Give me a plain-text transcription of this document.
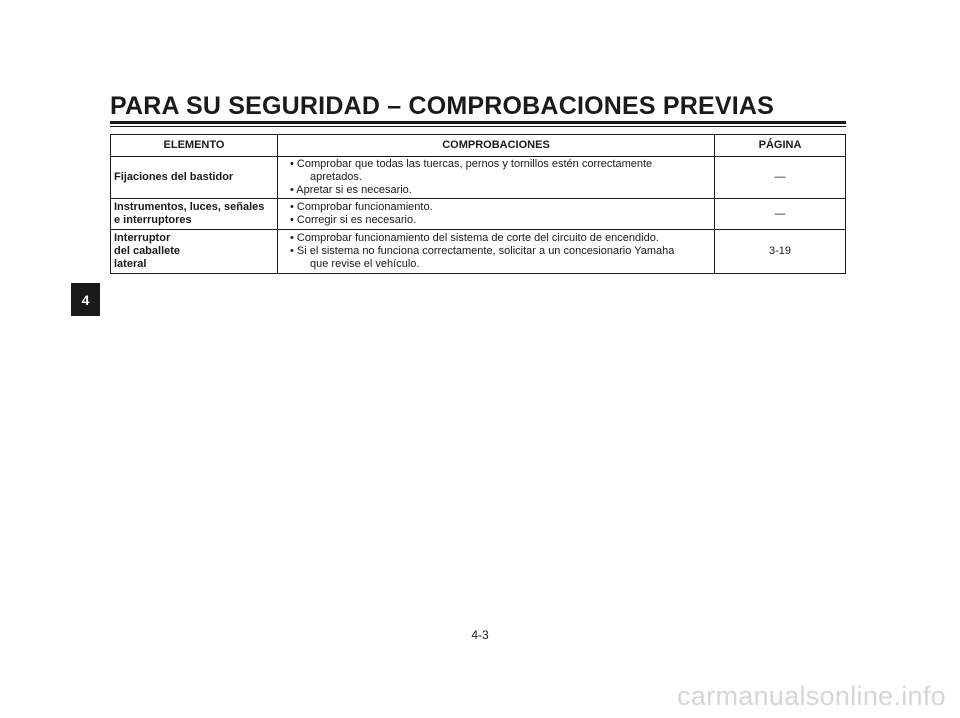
PARA SU SEGURIDAD – COMPROBACIONES PREVIAS
ELEMENTO	COMPROBACIONES	PÁGINA

Fijaciones del bastidor	• Comprobar que todas las tuercas, pernos y tornillos estén correctamente
apretados.
• Apretar si es necesario.	—

Instrumentos, luces, señales
e interruptores	• Comprobar funcionamiento.
• Corregir si es necesario.	—

Interruptor
del caballete
lateral	• Comprobar funcionamiento del sistema de corte del circuito de encendido.
• Si el sistema no funciona correctamente, solicitar a un concesionario Yamaha
que revise el vehículo.	3-19
4
4-3
carmanualsonline.info
